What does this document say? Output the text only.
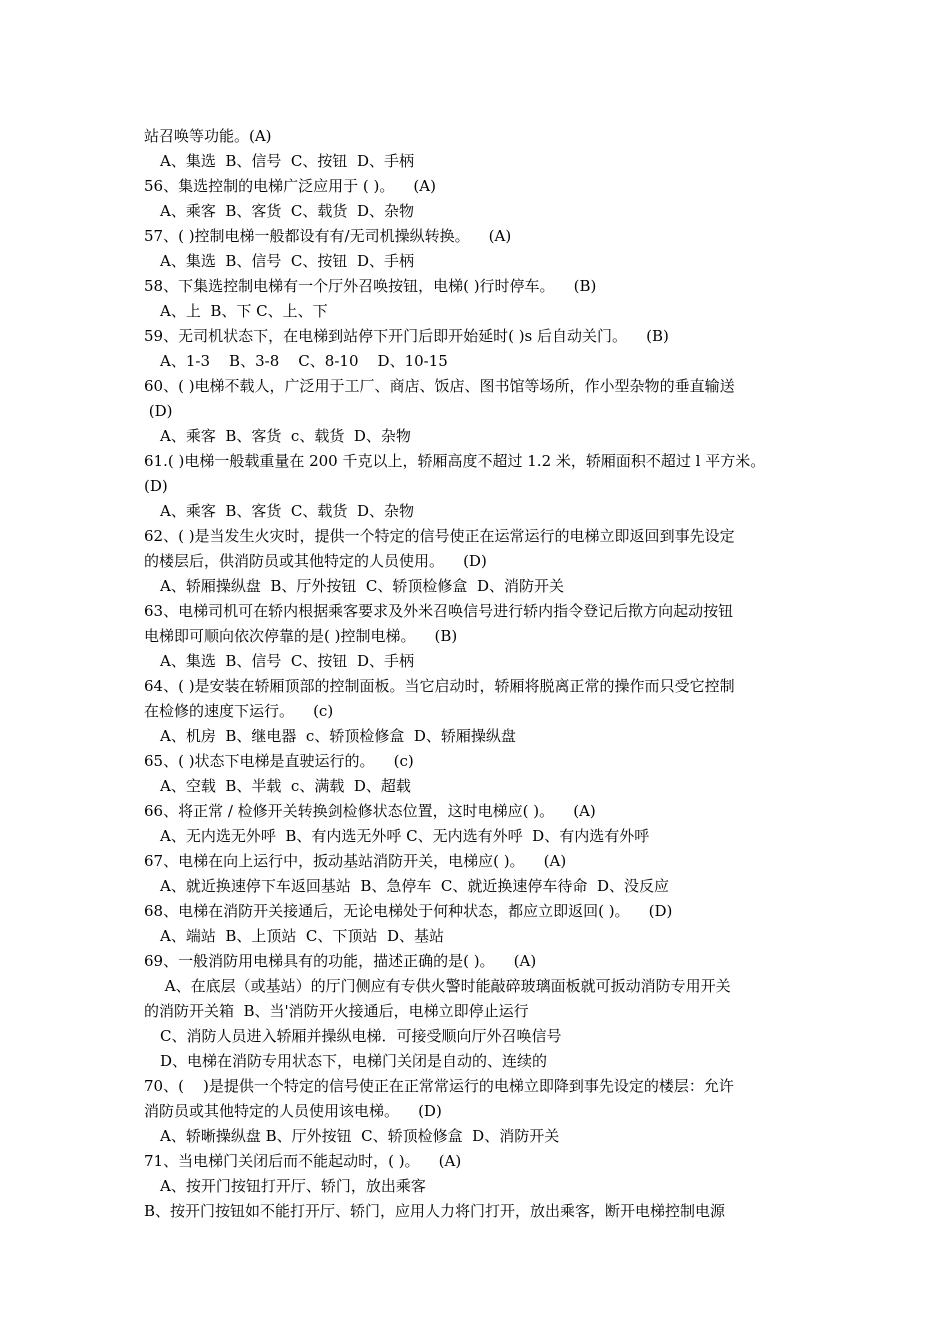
站召唤等功能。(A)
A、集选  B、信号  C、按钮  D、手柄
56、集选控制的电梯广泛应用于 ( )。    (A)
A、乘客  B、客货  C、载货  D、杂物
57、( )控制电梯一般都设有有/无司机操纵转换。    (A)
A、集选  B、信号  C、按钮  D、手柄
58、下集选控制电梯有一个厅外召唤按钮，电梯( )行时停车。    (B)
A、上  B、下 C、上、下
59、无司机状态下，在电梯到站停下开门后即开始延时( )s 后自动关门。    (B)
A、1-3    B、3-8    C、8-10    D、10-15
60、( )电梯不载人，广泛用于工厂、商店、饭店、图书馆等场所，作小型杂物的垂直输送
(D)
A、乘客  B、客货  c、载货  D、杂物
61.( )电梯一般载重量在 200 千克以上，轿厢高度不超过 1.2 米，轿厢面积不超过 l 平方米。
(D)
A、乘客  B、客货  C、载货  D、杂物
62、( )是当发生火灾时，提供一个特定的信号使正在运常运行的电梯立即返回到事先设定
的楼层后，供消防员或其他特定的人员使用。    (D)
A、轿厢操纵盘  B、厅外按钮  C、轿顶检修盒  D、消防开关
63、电梯司机可在轿内根据乘客要求及外米召唤信号进行轿内指令登记后揿方向起动按钮
电梯即可顺向依次停靠的是( )控制电梯。    (B)
A、集选  B、信号  C、按钮  D、手柄
64、( )是安装在轿厢顶部的控制面板。当它启动时，轿厢将脱离正常的操作而只受它控制
在检修的速度下运行。    (c)
A、机房  B、继电器  c、轿顶检修盒  D、轿厢操纵盘
65、( )状态下电梯是直驶运行的。    (c)
A、空载  B、半载  c、满载  D、超载
66、将正常 / 检修开关转换剑检修状态位置，这时电梯应( )。    (A)
A、无内选无外呼  B、有内选无外呼 C、无内选有外呼  D、有内选有外呼
67、电梯在向上运行中，扳动基站消防开关，电梯应( )。    (A)
A、就近换速停下车返回基站  B、急停车  C、就近换速停车待命  D、没反应
68、电梯在消防开关接通后，无论电梯处于何种状态，都应立即返回( )。    (D)
A、端站  B、上顶站  C、下顶站  D、基站
69、一般消防用电梯具有的功能，描述正确的是( )。    (A)
A、在底层（或基站）的厅门侧应有专供火警时能敲碎玻璃面板就可扳动消防专用开关
的消防开关箱  B、当'消防开火接通后，电梯立即停止运行
C、消防人员进入轿厢并操纵电梯．可接受顺向厅外召唤信号
D、电梯在消防专用状态下，电梯门关闭是自动的、连续的
70、(    )是提供一个特定的信号使正在正常常运行的电梯立即降到事先设定的楼层：允许
消防员或其他特定的人员使用该电梯。    (D)
A、轿晰操纵盘 B、厅外按钮  C、轿顶检修盒  D、消防开关
71、当电梯门关闭后而不能起动时，( )。    (A)
A、按开门按钮打开厅、轿门，放出乘客
B、按开门按钮如不能打开厅、轿门，应用人力将门打开，放出乘客，断开电梯控制电源
